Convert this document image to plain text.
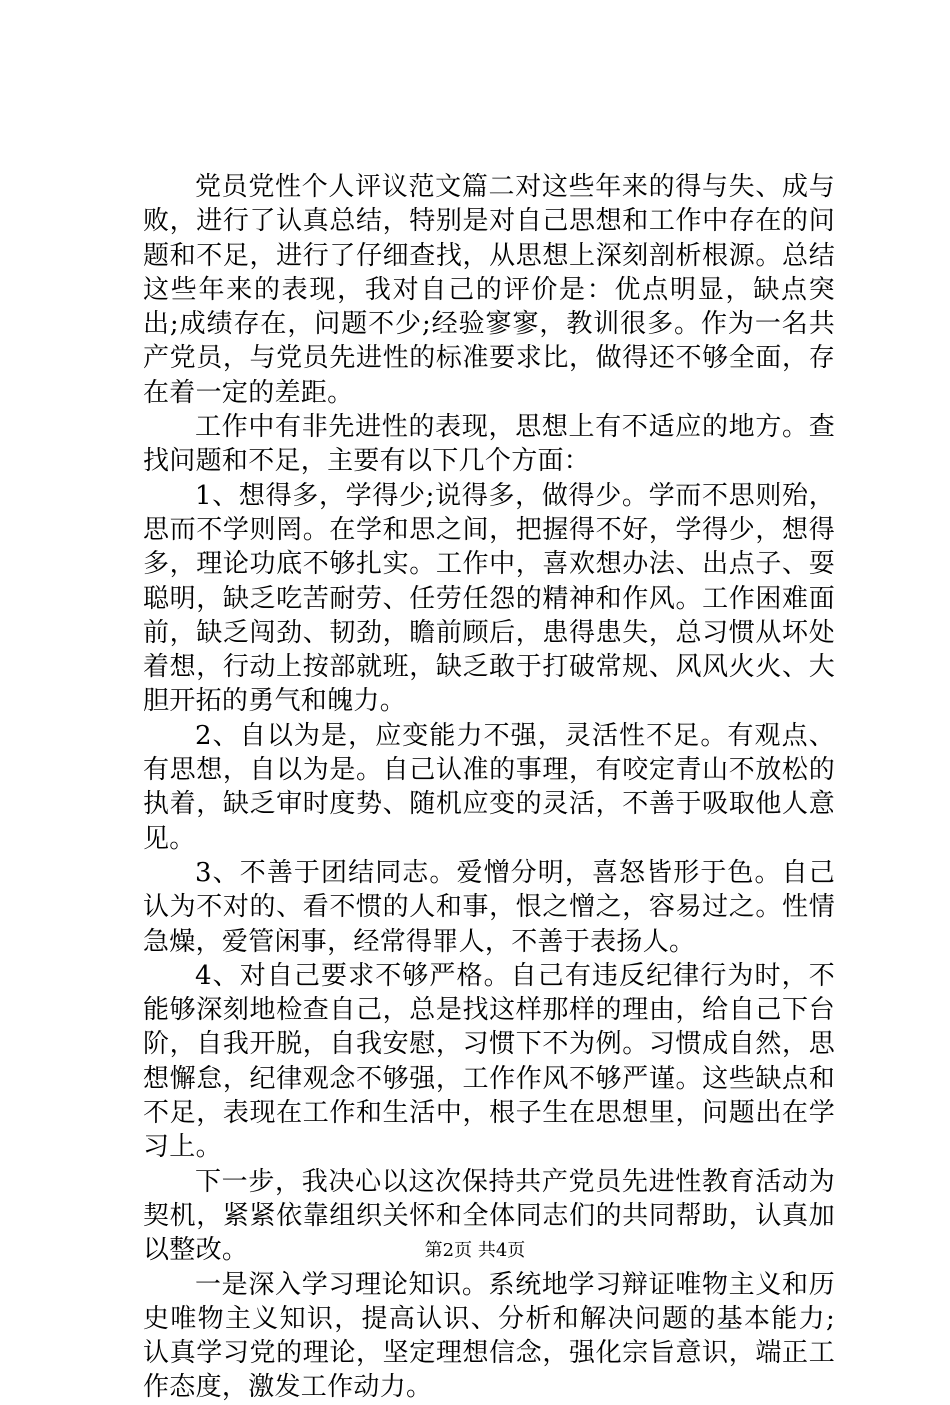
党员党性个人评议范文篇二对这些年来的得与失、成与败，进行了认真总结，特别是对自己思想和工作中存在的问题和不足，进行了仔细查找，从思想上深刻剖析根源。总结这些年来的表现，我对自己的评价是：优点明显，缺点突出;成绩存在，问题不少;经验寥寥，教训很多。作为一名共产党员，与党员先进性的标准要求比，做得还不够全面，存在着一定的差距。

工作中有非先进性的表现，思想上有不适应的地方。查找问题和不足，主要有以下几个方面：

1、想得多，学得少;说得多，做得少。学而不思则殆，思而不学则罔。在学和思之间，把握得不好，学得少，想得多，理论功底不够扎实。工作中，喜欢想办法、出点子、耍聪明，缺乏吃苦耐劳、任劳任怨的精神和作风。工作困难面前，缺乏闯劲、韧劲，瞻前顾后，患得患失，总习惯从坏处着想，行动上按部就班，缺乏敢于打破常规、风风火火、大胆开拓的勇气和魄力。

2、自以为是，应变能力不强，灵活性不足。有观点、有思想，自以为是。自己认准的事理，有咬定青山不放松的执着，缺乏审时度势、随机应变的灵活，不善于吸取他人意见。

3、不善于团结同志。爱憎分明，喜怒皆形于色。自己认为不对的、看不惯的人和事，恨之憎之，容易过之。性情急燥，爱管闲事，经常得罪人，不善于表扬人。

4、对自己要求不够严格。自己有违反纪律行为时，不能够深刻地检查自己，总是找这样那样的理由，给自己下台阶，自我开脱，自我安慰，习惯下不为例。习惯成自然，思想懈怠，纪律观念不够强，工作作风不够严谨。这些缺点和不足，表现在工作和生活中，根子生在思想里，问题出在学习上。

下一步，我决心以这次保持共产党员先进性教育活动为契机，紧紧依靠组织关怀和全体同志们的共同帮助，认真加以整改。

一是深入学习理论知识。系统地学习辩证唯物主义和历史唯物主义知识，提高认识、分析和解决问题的基本能力;认真学习党的理论，坚定理想信念，强化宗旨意识，端正工作态度，激发工作动力。

第2页 共4页
